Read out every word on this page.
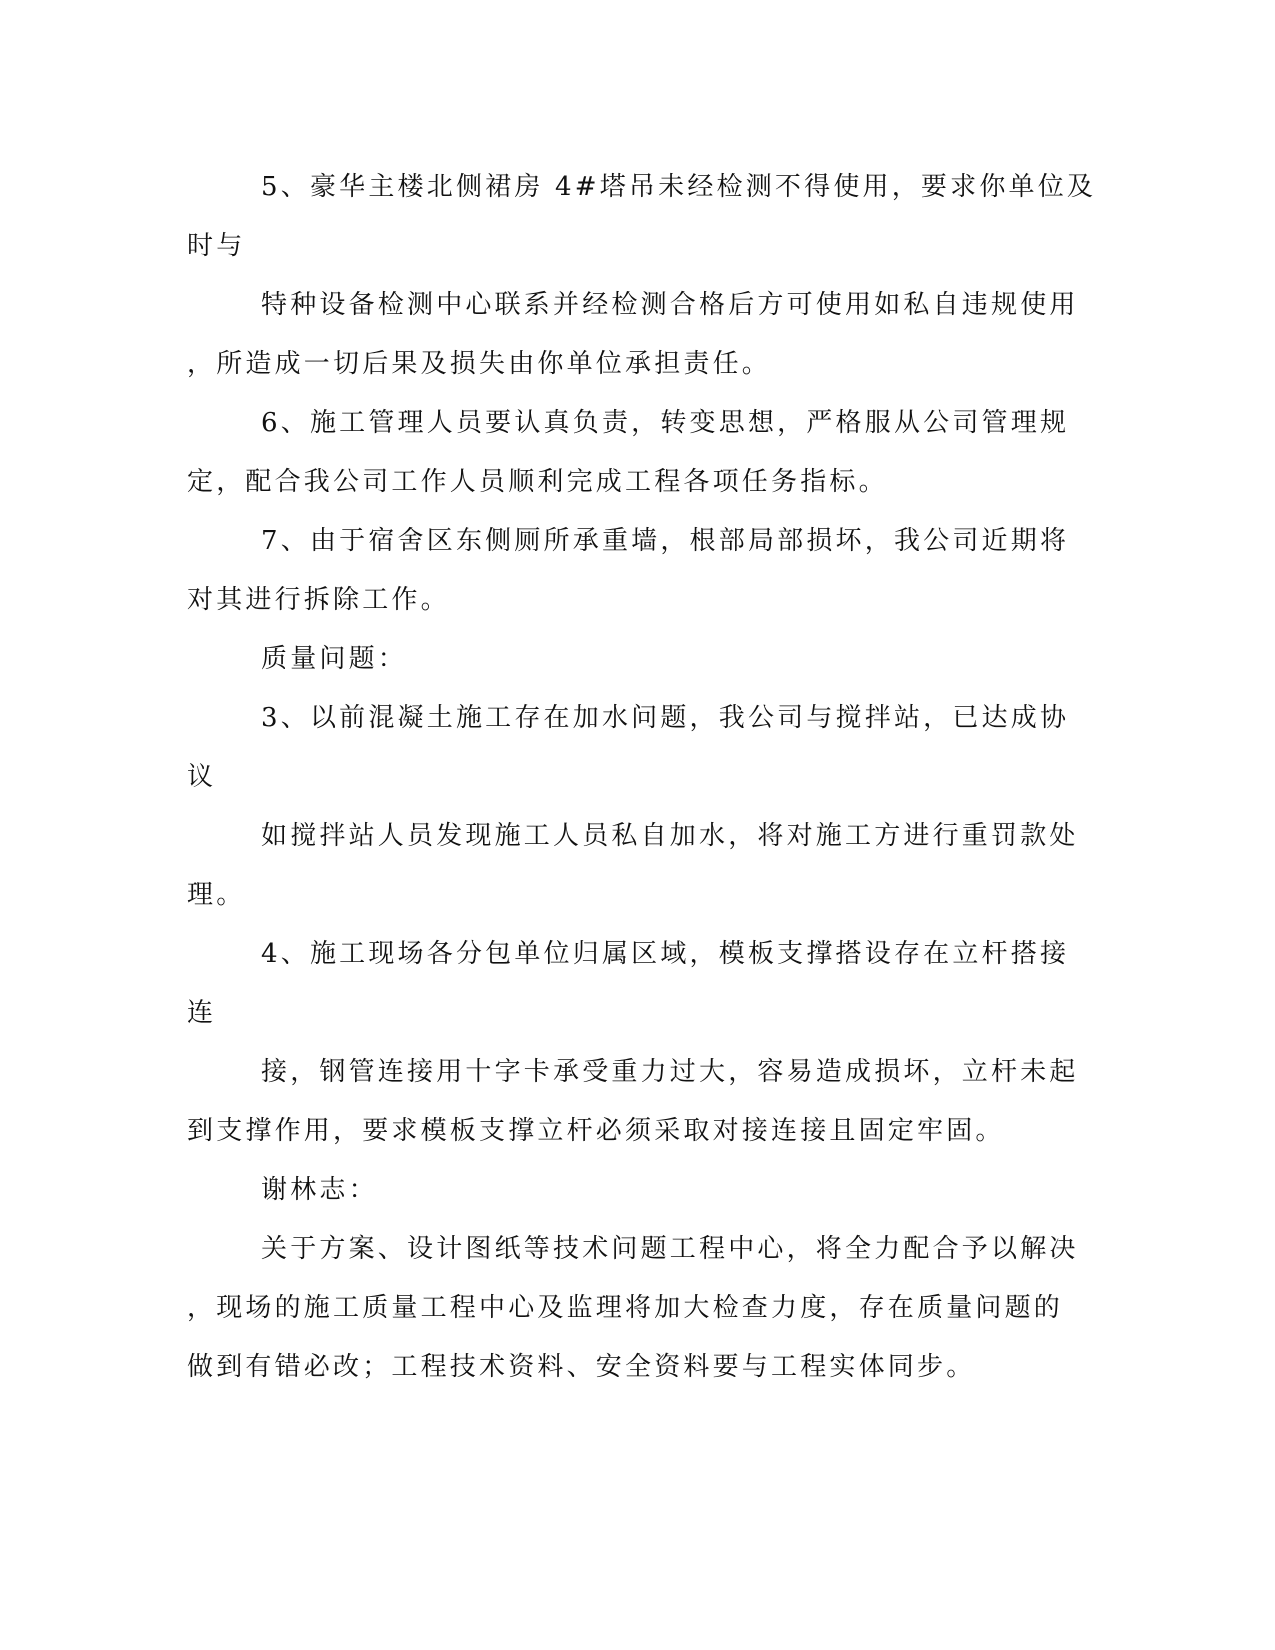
5、豪华主楼北侧裙房 4#塔吊未经检测不得使用，要求你单位及
时与
特种设备检测中心联系并经检测合格后方可使用如私自违规使用
，所造成一切后果及损失由你单位承担责任。
6、施工管理人员要认真负责，转变思想，严格服从公司管理规
定，配合我公司工作人员顺利完成工程各项任务指标。
7、由于宿舍区东侧厕所承重墙，根部局部损坏，我公司近期将
对其进行拆除工作。
质量问题：
3、以前混凝土施工存在加水问题，我公司与搅拌站，已达成协
议
如搅拌站人员发现施工人员私自加水，将对施工方进行重罚款处
理。
4、施工现场各分包单位归属区域，模板支撑搭设存在立杆搭接
连
接，钢管连接用十字卡承受重力过大，容易造成损坏，立杆未起
到支撑作用，要求模板支撑立杆必须采取对接连接且固定牢固。
谢林志：
关于方案、设计图纸等技术问题工程中心，将全力配合予以解决
，现场的施工质量工程中心及监理将加大检查力度，存在质量问题的
做到有错必改；工程技术资料、安全资料要与工程实体同步。
